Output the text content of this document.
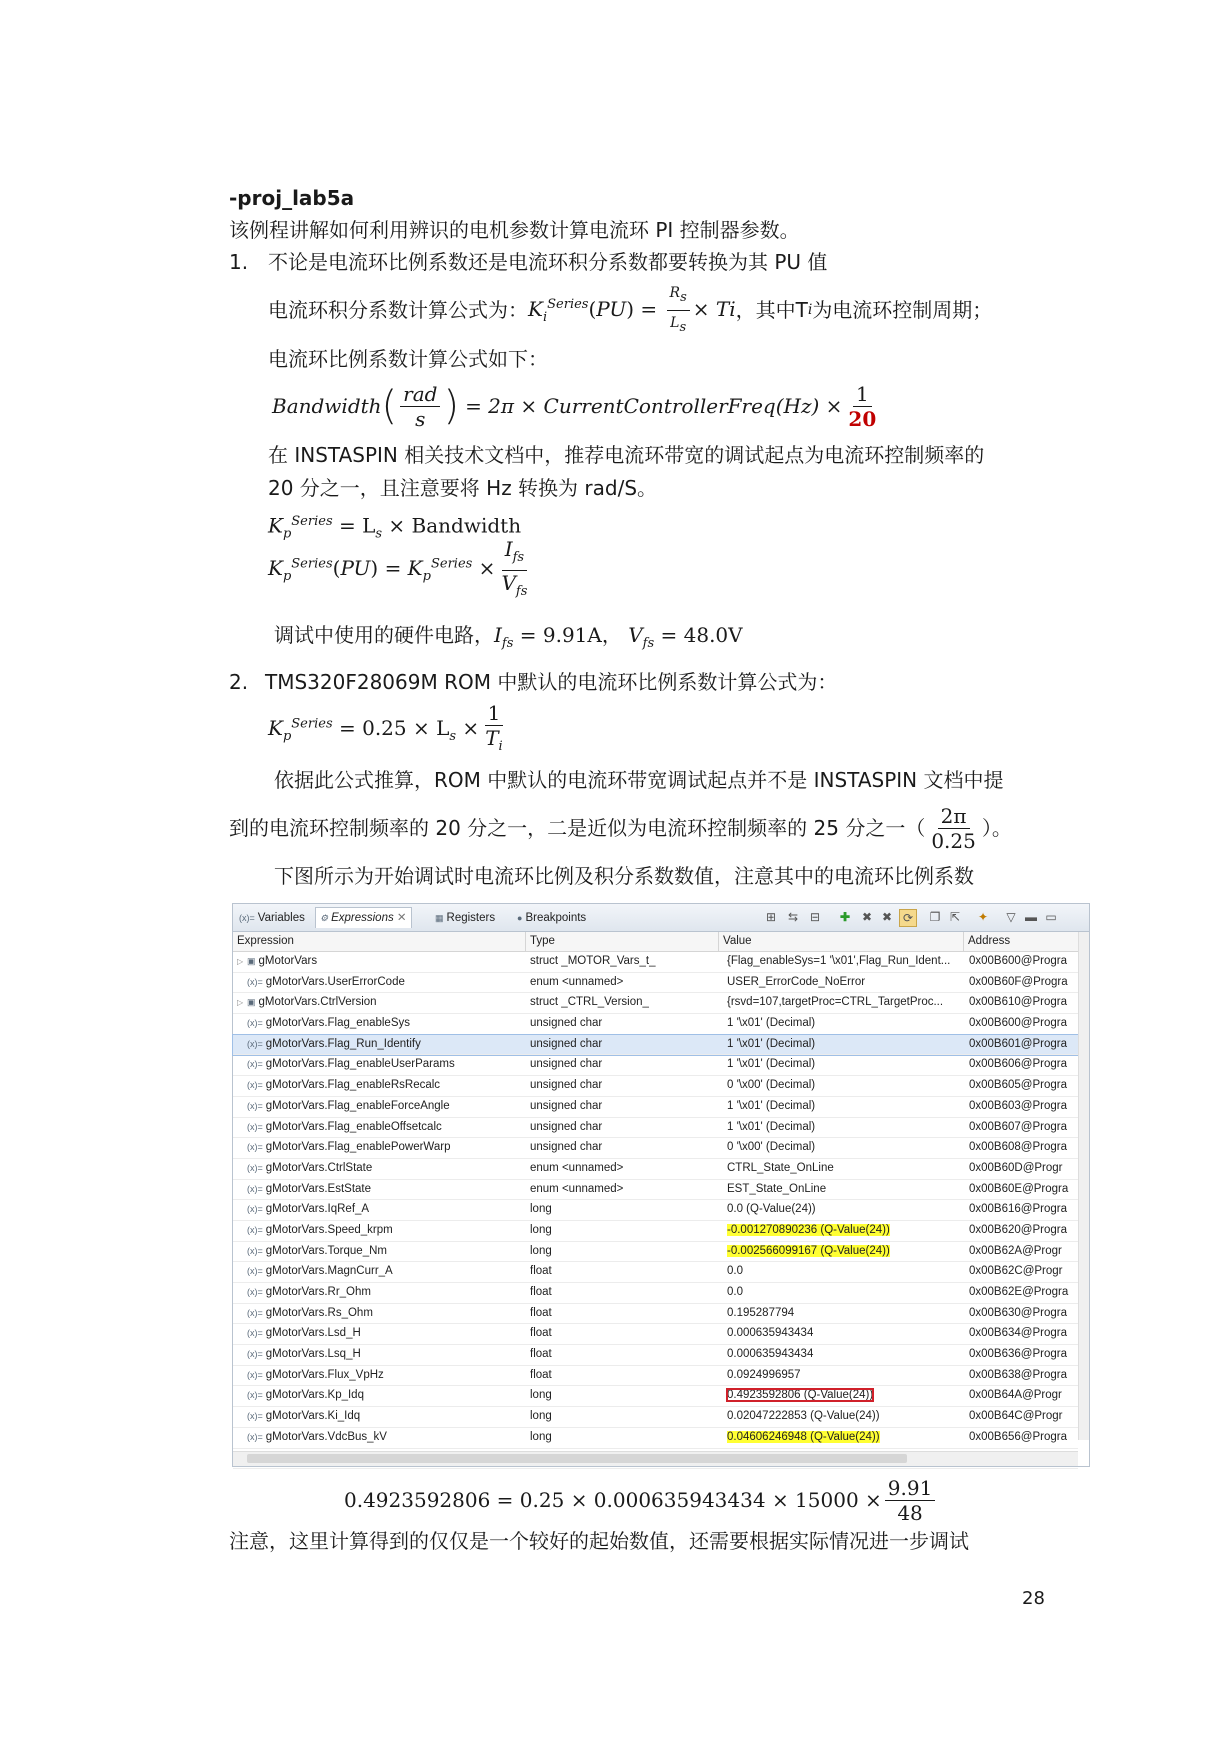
-proj_lab5a
该例程讲解如何利用辨识的电机参数计算电流环 PI 控制器参数。
1. 不论是电流环比例系数还是电流环积分系数都要转换为其 PU 值
电流环积分系数计算公式为： $K_i^{Series}(PU) = \frac{R_s}{L_s} \times Ti$ ，其中T i 为电流环控制周期；
电流环比例系数计算公式如下：
Bandwidth ( $\frac{\text{rad}}{s}$ ) = 2π × CurrentControllerFreq(Hz) × $\frac{1}{20}$
在 INSTASPIN 相关技术文档中，推荐电流环带宽的调试起点为电流环控制频率的
20 分之一，且注意要将 Hz 转换为 rad/S。
$K_p^{Series} = L_s$ × Bandwidth
$K_p^{Series}(PU) = K_p^{Series} \times \frac{I_{fs}}{V_{fs}}$
调试中使用的硬件电路， $I_{fs} = 9.91A$， $V_{fs} = 48.0V$
2. TMS320F28069M ROM 中默认的电流环比例系数计算公式为：
$K_p^{Series} = 0.25 \times L_s \times \frac{1}{T_i}$
依据此公式推算，ROM 中默认的电流环带宽调试起点并不是 INSTASPIN 文档中提
到的电流环控制频率的 20 分之一，二是近似为电流环控制频率的 25 分之一（ $\frac{2\pi}{0.25}$ ）。
下图所示为开始调试时电流环比例及积分系数数值，注意其中的电流环比例系数
(x)= Variables	⚙ Expressions ✕	▦ Registers	● Breakpoints	⊞ ⇆ ⊟ ✚ ✖ ✖ ⟳	❐ ⇱ ✦ ▽ ▬ ▭
Expression	Type	Value	Address
▷ ▣ gMotorVars	struct _MOTOR_Vars_t_	{Flag_enableSys=1 '\x01',Flag_Run_Ident...	0x00B600@Progra
(x)= gMotorVars.UserErrorCode	enum <unnamed>	USER_ErrorCode_NoError	0x00B60F@Progra
▷ ▣ gMotorVars.CtrlVersion	struct _CTRL_Version_	{rsvd=107,targetProc=CTRL_TargetProc...	0x00B610@Progra
(x)= gMotorVars.Flag_enableSys	unsigned char	1 '\x01' (Decimal)	0x00B600@Progra
(x)= gMotorVars.Flag_Run_Identify	unsigned char	1 '\x01' (Decimal)	0x00B601@Progra
(x)= gMotorVars.Flag_enableUserParams	unsigned char	1 '\x01' (Decimal)	0x00B606@Progra
(x)= gMotorVars.Flag_enableRsRecalc	unsigned char	0 '\x00' (Decimal)	0x00B605@Progra
(x)= gMotorVars.Flag_enableForceAngle	unsigned char	1 '\x01' (Decimal)	0x00B603@Progra
(x)= gMotorVars.Flag_enableOffsetcalc	unsigned char	1 '\x01' (Decimal)	0x00B607@Progra
(x)= gMotorVars.Flag_enablePowerWarp	unsigned char	0 '\x00' (Decimal)	0x00B608@Progra
(x)= gMotorVars.CtrlState	enum <unnamed>	CTRL_State_OnLine	0x00B60D@Progr
(x)= gMotorVars.EstState	enum <unnamed>	EST_State_OnLine	0x00B60E@Progra
(x)= gMotorVars.IqRef_A	long	0.0 (Q-Value(24))	0x00B616@Progra
(x)= gMotorVars.Speed_krpm	long	-0.001270890236 (Q-Value(24))	0x00B620@Progra
(x)= gMotorVars.Torque_Nm	long	-0.002566099167 (Q-Value(24))	0x00B62A@Progr
(x)= gMotorVars.MagnCurr_A	float	0.0	0x00B62C@Progr
(x)= gMotorVars.Rr_Ohm	float	0.0	0x00B62E@Progra
(x)= gMotorVars.Rs_Ohm	float	0.195287794	0x00B630@Progra
(x)= gMotorVars.Lsd_H	float	0.000635943434	0x00B634@Progra
(x)= gMotorVars.Lsq_H	float	0.000635943434	0x00B636@Progra
(x)= gMotorVars.Flux_VpHz	float	0.0924996957	0x00B638@Progra
(x)= gMotorVars.Kp_Idq	long	0.4923592806 (Q-Value(24))	0x00B64A@Progr
(x)= gMotorVars.Ki_Idq	long	0.02047222853 (Q-Value(24))	0x00B64C@Progr
(x)= gMotorVars.VdcBus_kV	long	0.04606246948 (Q-Value(24))	0x00B656@Progra
$0.4923592806 = 0.25 \times 0.000635943434 \times 15000 \times \frac{9.91}{48}$
注意，这里计算得到的仅仅是一个较好的起始数值，还需要根据实际情况进一步调试
28
